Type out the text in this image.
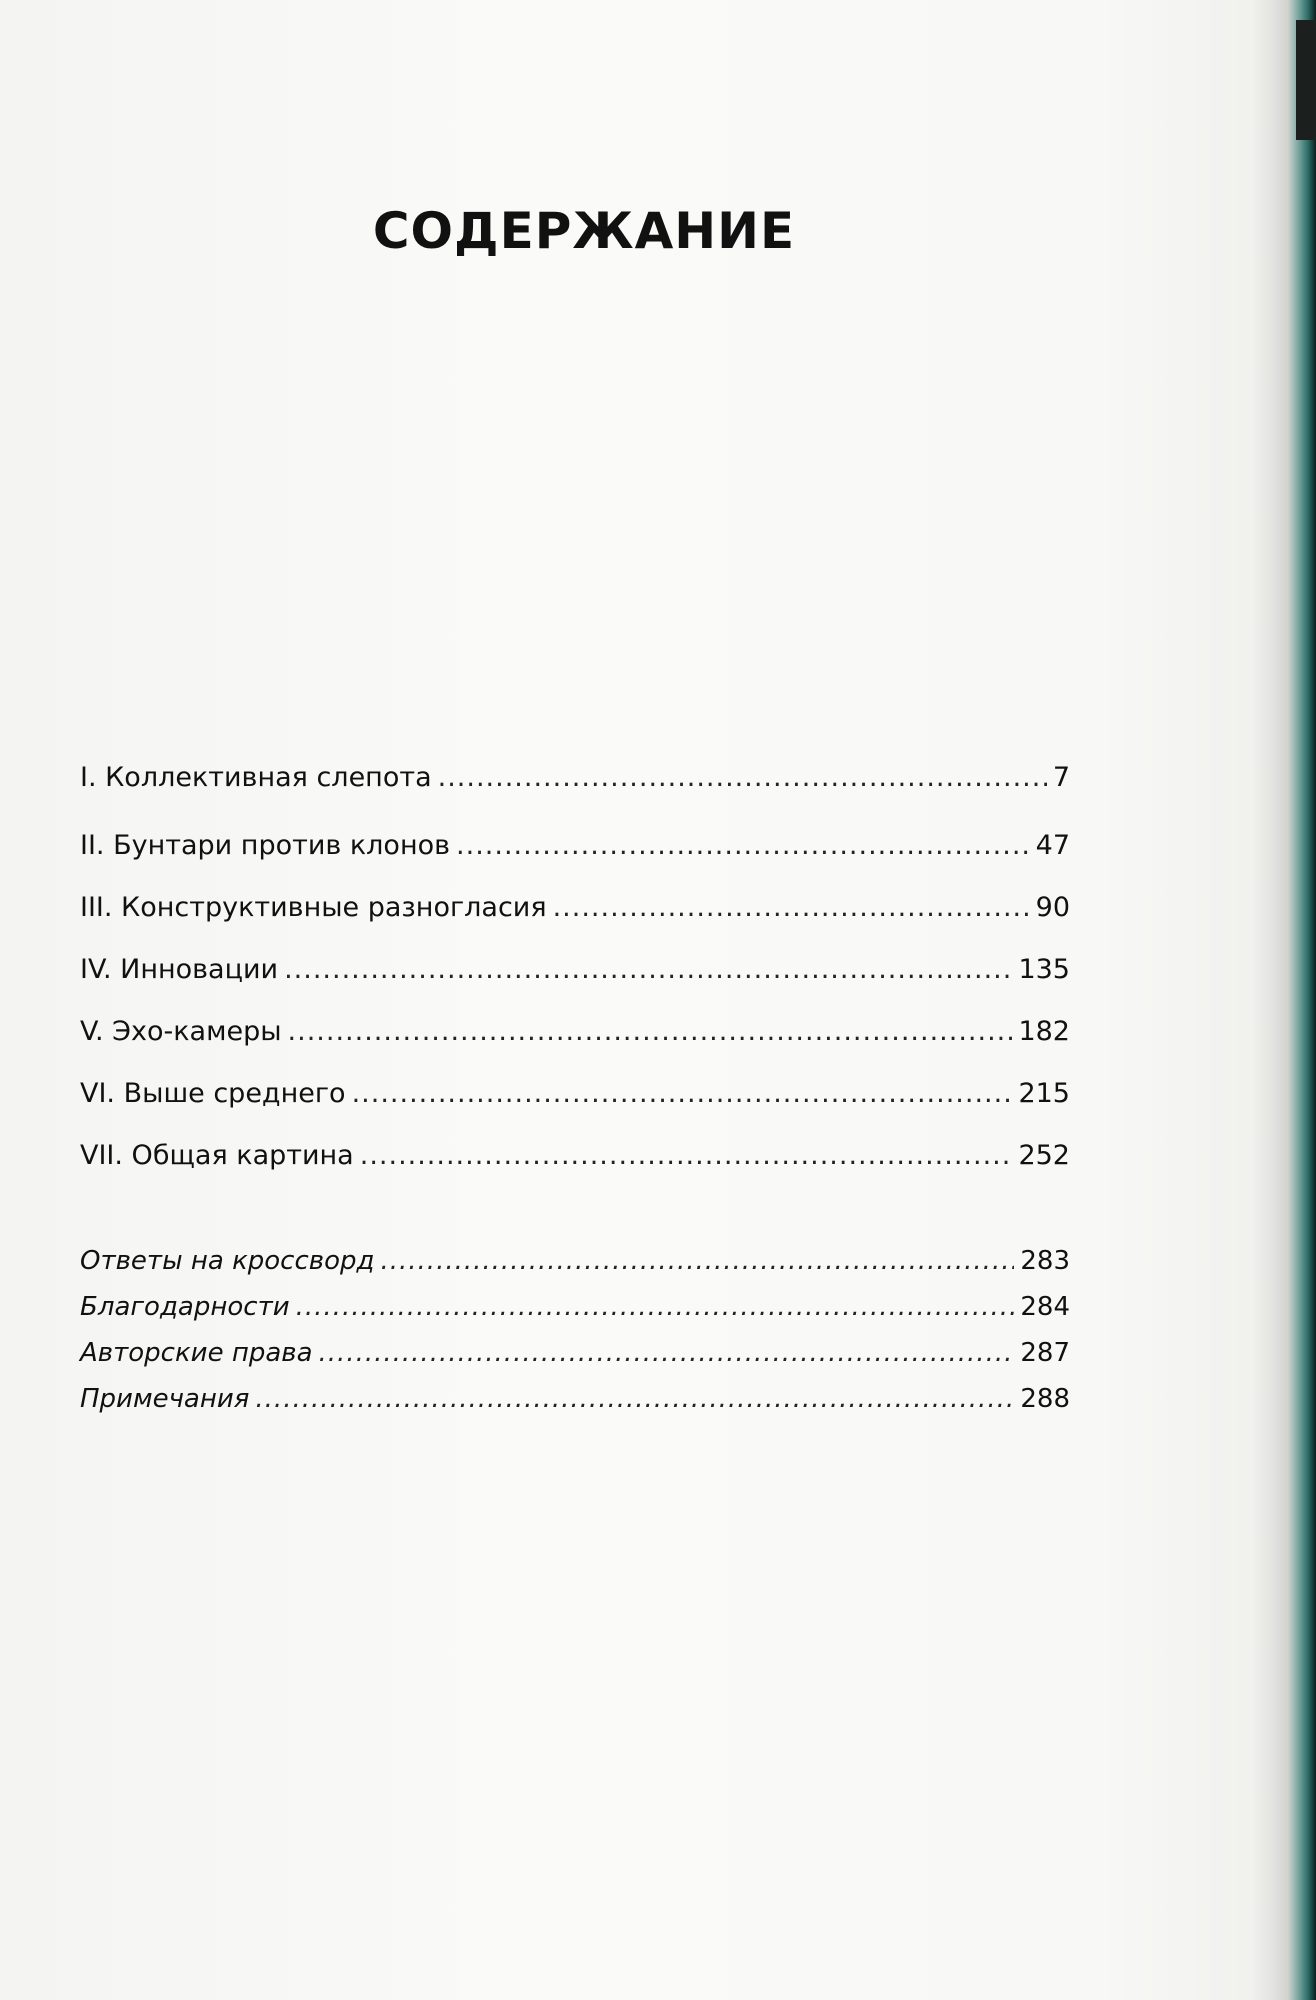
СОДЕРЖАНИЕ
I. Коллективная слепота .....	7
II. Бунтари против клонов .....	47
III. Конструктивные разногласия .....	90
IV. Инновации .....	135
V. Эхо-камеры .....	182
VI. Выше среднего .....	215
VII. Общая картина .....	252
Ответы на кроссворд .....	283
Благодарности .....	284
Авторские права .....	287
Примечания .....	288
